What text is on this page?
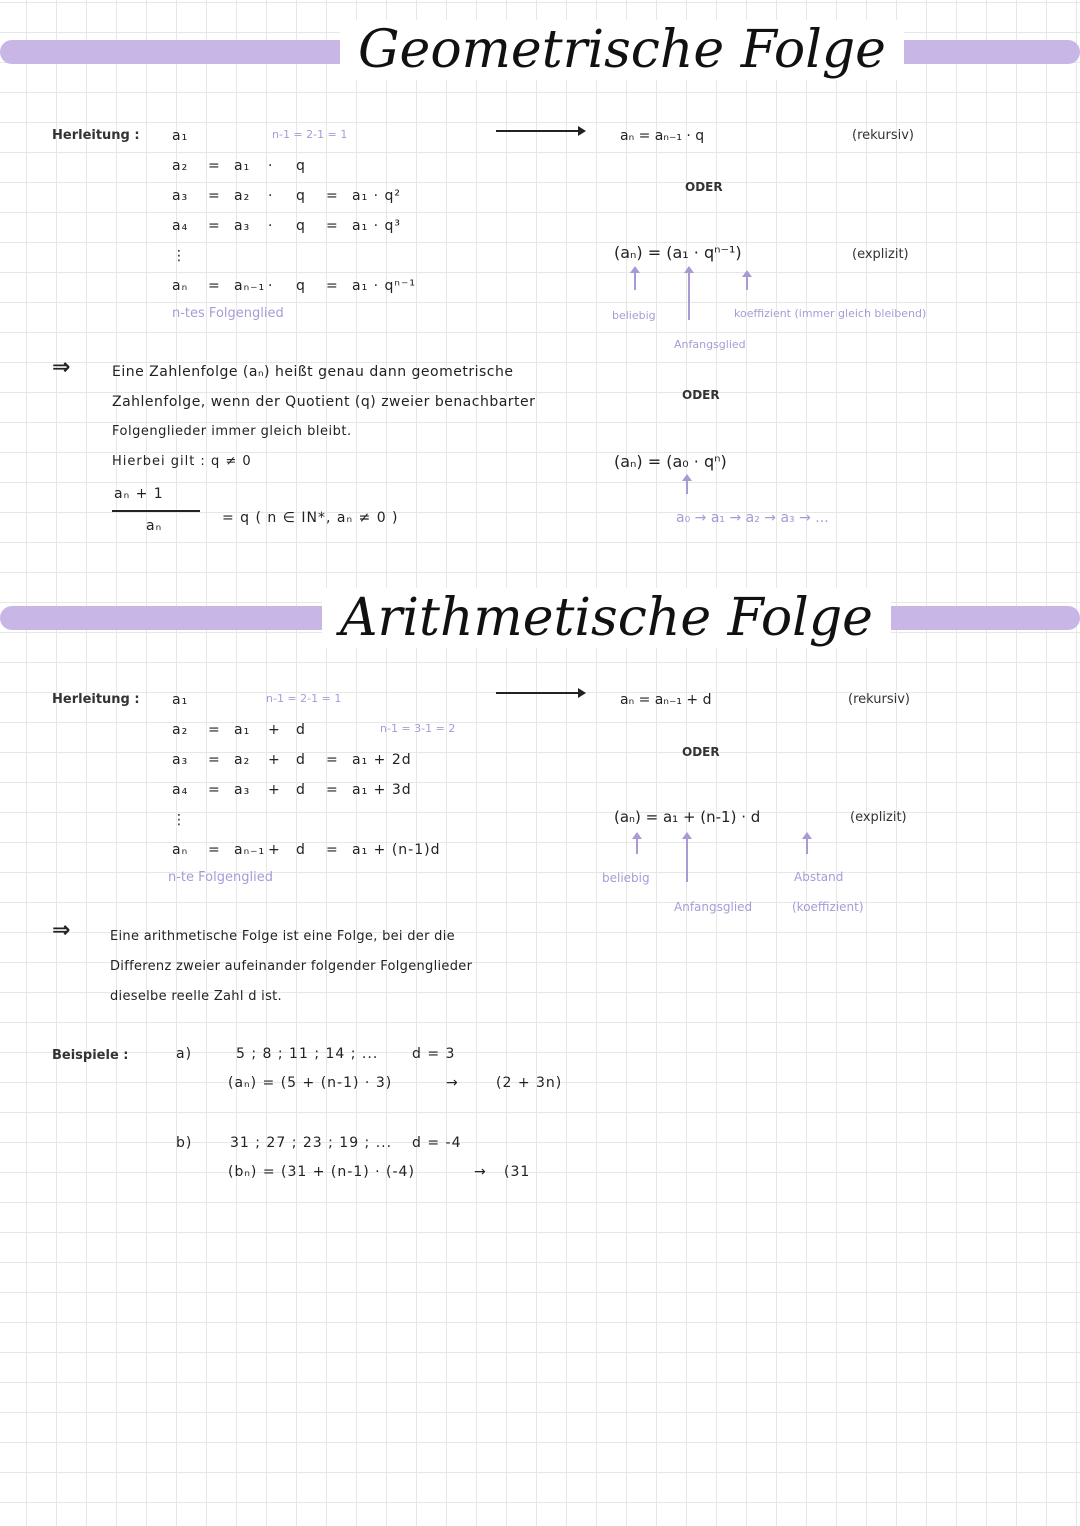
Geometrische Folge
Herleitung :	n-1 = 2-1 = 1
a₁
a₂ = a₁ · q
a₃ = a₂ · q = a₁ · q²
a₄ = a₃ · q = a₁ · q³
⋮
aₙ = aₙ₋₁ · q = a₁ · qⁿ⁻¹
n-tes Folgenglied
aₙ = aₙ₋₁ · q	(rekursiv)
ODER
(aₙ) = (a₁ · qⁿ⁻¹)	(explizit)
beliebig	koeffizient (immer gleich bleibend)
Anfangsglied
ODER
(aₙ) = (a₀ · qⁿ)
a₀ → a₁ → a₂ → a₃ → ...
⇒	Eine Zahlenfolge (aₙ) heißt genau dann geometrische
Zahlenfolge, wenn der Quotient (q) zweier benachbarter
Folgenglieder immer gleich bleibt.
Hierbei gilt : q ≠ 0
aₙ + 1
aₙ	= q ( n ∈ IN*, aₙ ≠ 0 )
Arithmetische Folge
Herleitung :	n-1 = 2-1 = 1
n-1 = 3-1 = 2
a₁
a₂ = a₁ + d
a₃ = a₂ + d = a₁ + 2d
a₄ = a₃ + d = a₁ + 3d
⋮
aₙ = aₙ₋₁ + d = a₁ + (n-1)d
n-te Folgenglied
aₙ = aₙ₋₁ + d	(rekursiv)
ODER
(aₙ) = a₁ + (n-1) · d	(explizit)
beliebig	Abstand
Anfangsglied	(koeffizient)
⇒	Eine arithmetische Folge ist eine Folge, bei der die
Differenz zweier aufeinander folgender Folgenglieder
dieselbe reelle Zahl d ist.
Beispiele :	a)	5 ; 8 ; 11 ; 14 ; ... d = 3
(aₙ) = (5 + (n-1) · 3)	→	(2 + 3n)
b)	31 ; 27 ; 23 ; 19 ; ... d = -4
(bₙ) = (31 + (n-1) · (-4)	→ (31
